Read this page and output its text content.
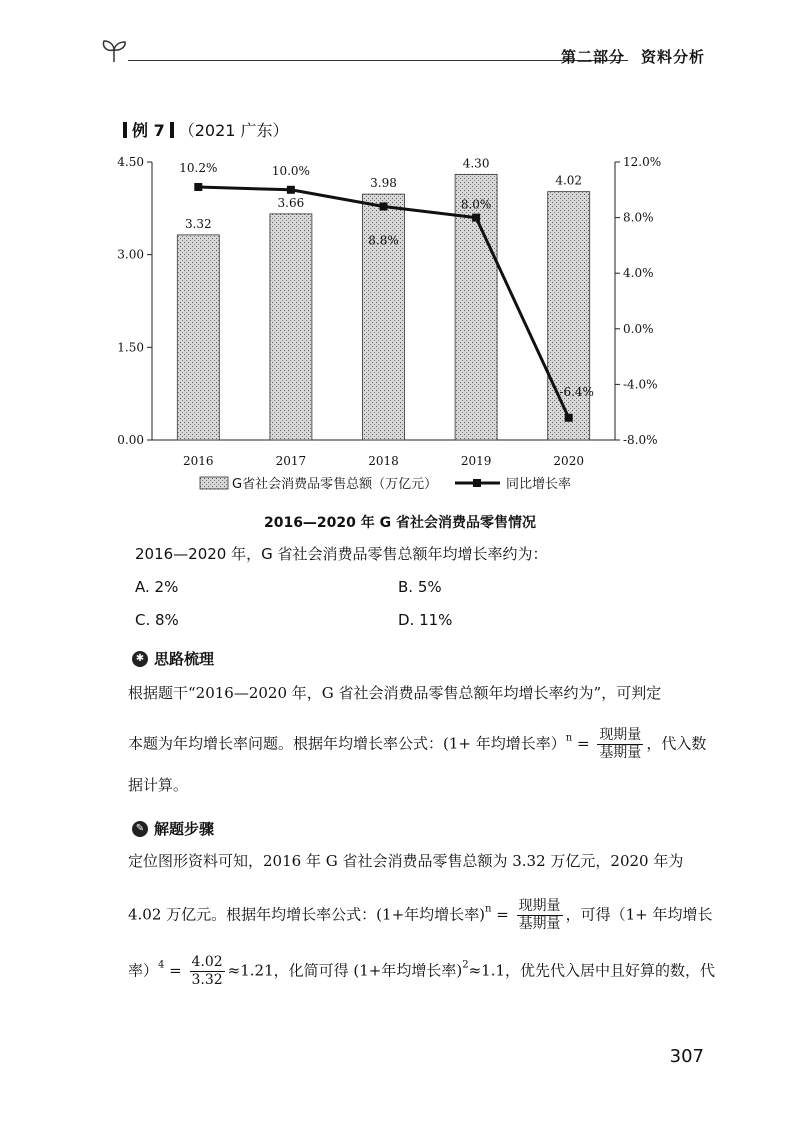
第二部分　资料分析
例 7 （2021 广东）
0.00
1.50
3.00
4.50
-8.0%
-4.0%
0.0%
4.0%
8.0%
12.0%
3.32
2016
3.66
2017
3.98
2018
4.30
2019
4.02
2020
10.2%	10.0%
8.8%
8.0%
-6.4%
G省社会消费品零售总额（万亿元）	同比增长率
2016—2020 年 G 省社会消费品零售情况
2016—2020 年，G 省社会消费品零售总额年均增长率约为：
A. 2%	B. 5%
C. 8%	D. 11%
✱ 思路梳理
根据题干“2016—2020 年，G 省社会消费品零售总额年均增长率约为”，可判定
本题为年均增长率问题。根据年均增长率公式：(1+ 年均增长率）$^n = \frac{\text{现期量}}{\text{基期量}}$ ，代入数
据计算。
✎ 解题步骤
定位图形资料可知，2016 年 G 省社会消费品零售总额为 3.32 万亿元，2020 年为
4.02 万亿元。根据年均增长率公式：(1+年均增长率)$^n = \frac{\text{现期量}}{\text{基期量}}$ ，可得（1+ 年均增长
率）$^4 = \frac{4.02}{3.32} \approx 1.21$，化简可得 (1+年均增长率)$^2$≈1.1，优先代入居中且好算的数，代
307
